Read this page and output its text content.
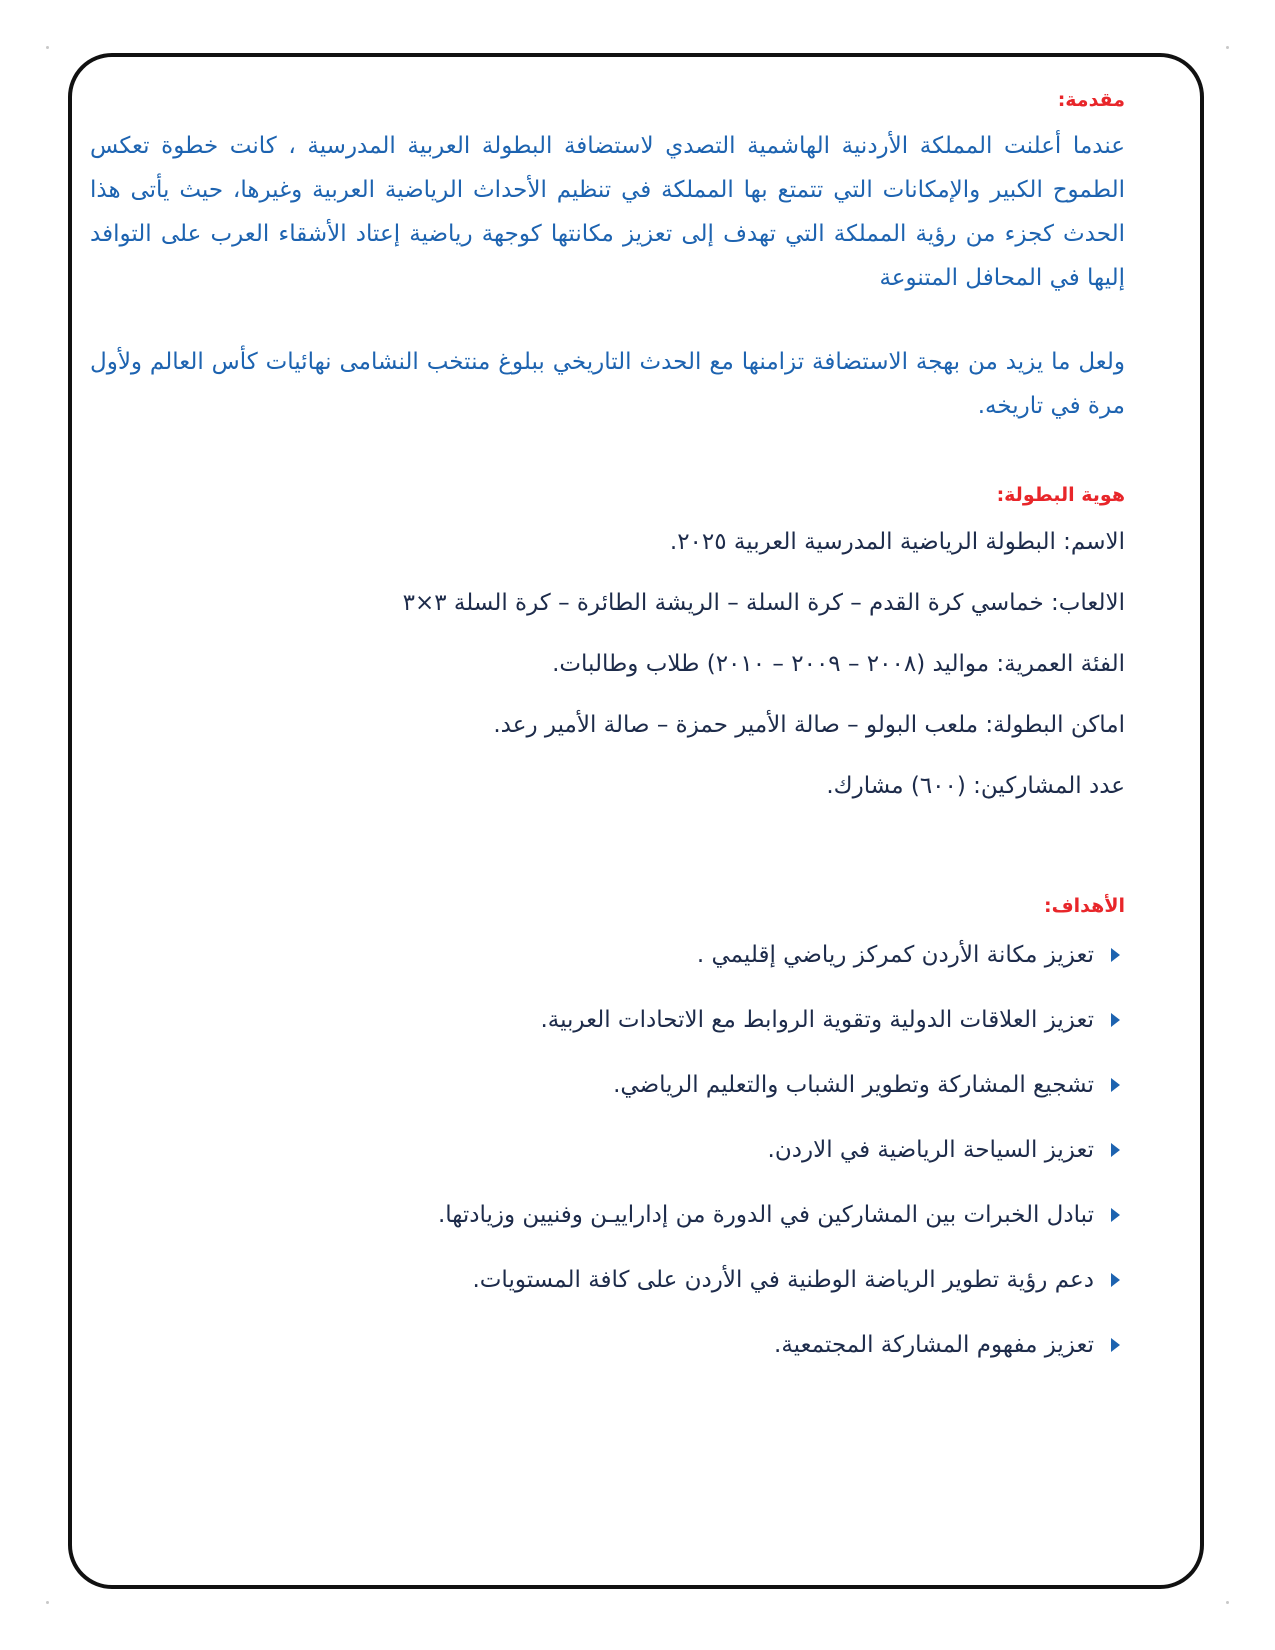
مقدمة:

عندما أعلنت المملكة الأردنية الهاشمية التصدي لاستضافة البطولة العربية المدرسية ، كانت خطوة تعكس الطموح الكبير والإمكانات التي تتمتع بها المملكة في تنظيم الأحداث الرياضية العربية وغيرها، حيث يأتى هذا الحدث كجزء من رؤية المملكة التي تهدف إلى تعزيز مكانتها كوجهة رياضية إعتاد الأشقاء العرب على التوافد إليها في المحافل المتنوعة

ولعل ما يزيد من بهجة الاستضافة تزامنها مع الحدث التاريخي ببلوغ منتخب النشامى نهائيات كأس العالم ولأول مرة في تاريخه.

هوية البطولة:
الاسم: البطولة الرياضية المدرسية العربية ٢٠٢٥.
الالعاب: خماسي كرة القدم – كرة السلة – الريشة الطائرة – كرة السلة ٣×٣
الفئة العمرية: مواليد (٢٠٠٨ – ٢٠٠٩ – ٢٠١٠) طلاب وطالبات.
اماكن البطولة: ملعب البولو – صالة الأمير حمزة – صالة الأمير رعد.
عدد المشاركين: (٦٠٠) مشارك.
الأهداف:
تعزيز مكانة الأردن كمركز رياضي إقليمي .
تعزيز العلاقات الدولية وتقوية الروابط مع الاتحادات العربية.
تشجيع المشاركة وتطوير الشباب والتعليم الرياضي.
تعزيز السياحة الرياضية في الاردن.
تبادل الخبرات بين المشاركين في الدورة من إداراييـن وفنيين وزيادتها.
دعم رؤية تطوير الرياضة الوطنية في الأردن على كافة المستويات.
تعزيز مفهوم المشاركة المجتمعية.
